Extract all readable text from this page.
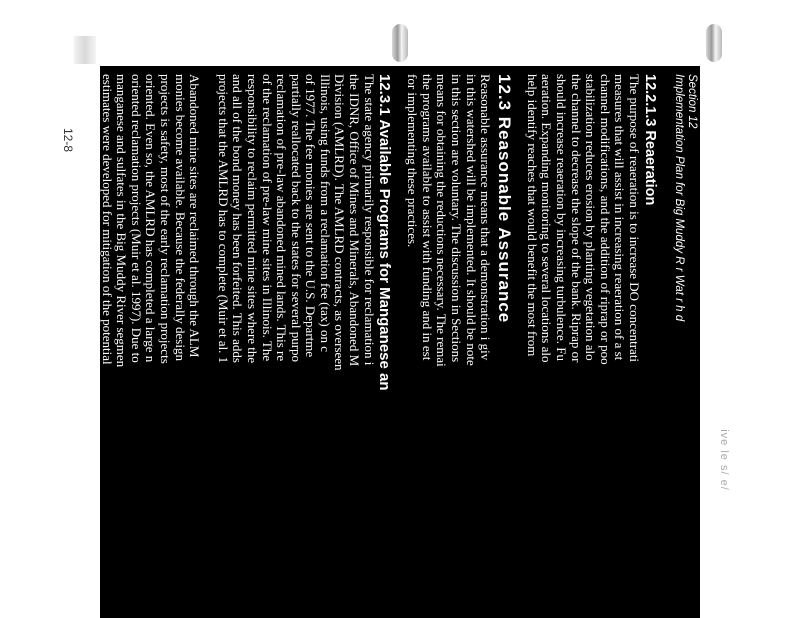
12-8
ive le s/ e/

Section 12

Implementation Plan for Big Muddy R r Wat r h d

12.2.1.3 Reaeration

The purpose of reaeration is to increase DO concentrati

measures that will assist in increasing reaeration of a st

channel modifications, and the addition of riprap or poo

stabilization reduces erosion by planting vegetation alo

the channel to decrease the slope of the bank. Riprap or

should increase reaeration by increasing turbulence. Fu

aeration. Expanding monitoring to several locations alo

help identify reaches that would benefit the most from

12.3 Reasonable Assurance

Reasonable assurance means that a demonstration i giv

in this watershed will be implemented. It should be note

in this section are voluntary. The discussion in Sections

means for obtaining the reductions necessary. The remai

the programs available to assist with funding and in est

for implementing these practices.

12.3.1 Available Programs for Manganese an

The state agency primarily responsible for reclamation i

the IDNR, Office of Mines and Minerals, Abandoned M

Division (AMLRD). The AMLRD contracts, as overseen

Illinois, using funds from a reclamation fee (tax) on c

of 1977. The fee monies are sent to the U.S. Departme

partially reallocated back to the states for several purpo

reclamation of pre-law abandoned mined lands. This re

of the reclamation of pre-law mine sites in Illinois. The

responsibility to reclaim permitted mine sites where the

and all of the bond money has been forfeited. This adds

projects that the AMLRD has to complete (Muir et al. 1

Abandoned mine sites are reclaimed through the ALM

monies become available. Because the federally design

projects is safety, most of the early reclamation projects

oriented. Even so, the AMLRD has completed a large n

oriented reclamation projects (Muir et al. 1997). Due to

manganese and sulfates in the Big Muddy River segmen

estimates were developed for mitigation of the potential
